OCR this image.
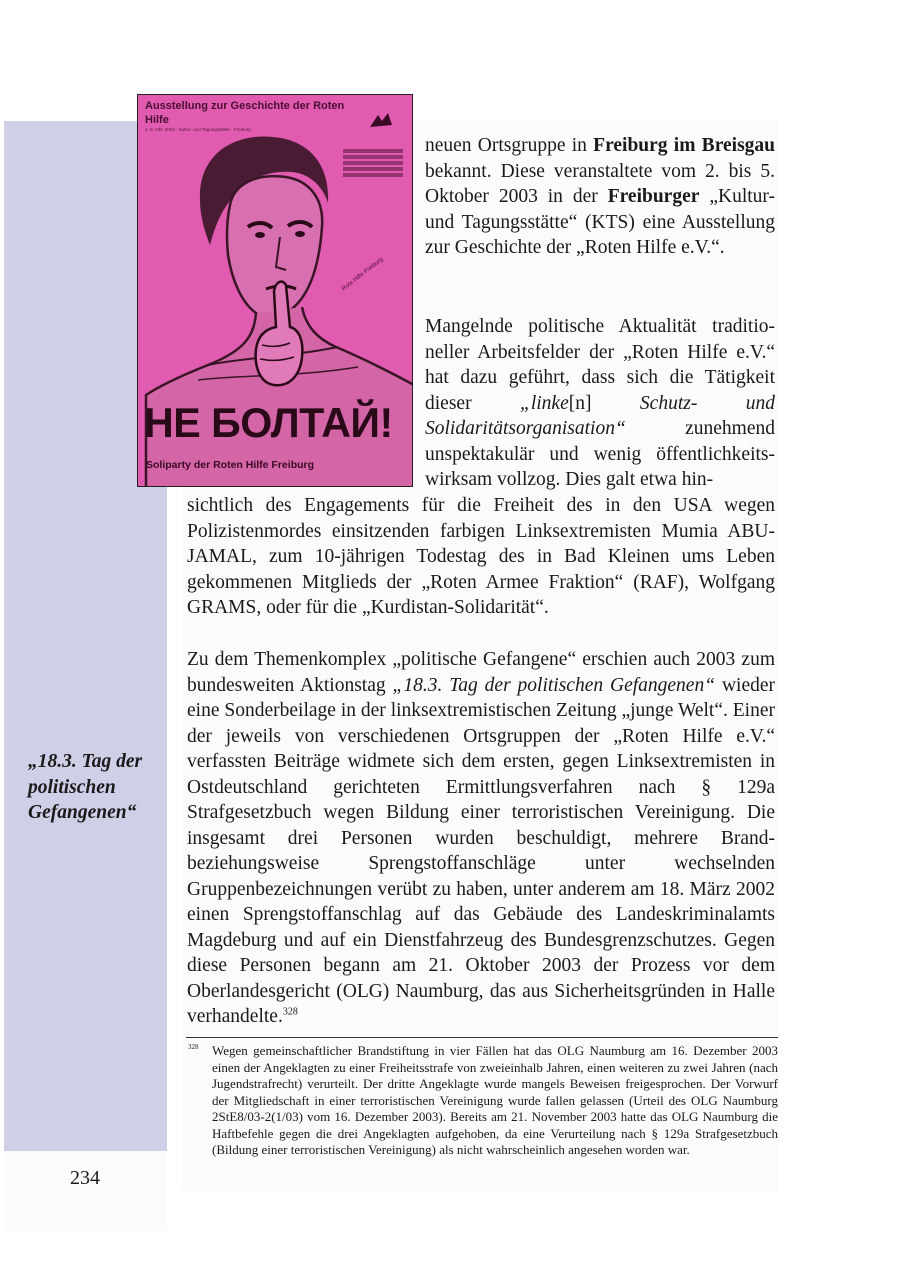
Ausstellung zur Geschichte der Roten Hilfe
2.-5. Okt. 2003 · Kultur- und Tagungsstätte · Freiburg
Rote Hilfe Freiburg
НЕ БОЛТАЙ!
Soliparty der Roten Hilfe Freiburg

neuen Ortsgruppe in Freiburg im Breisgau bekannt. Diese veranstaltete vom 2. bis 5. Oktober 2003 in der Freiburger „Kultur- und Tagungsstätte“ (KTS) eine Ausstellung zur Geschichte der „Roten Hilfe e.V.“.

Mangelnde politische Aktualität traditioneller Arbeitsfelder der „Roten Hilfe e.V.“ hat dazu geführt, dass sich die Tätigkeit dieser „linke[n] Schutz- und Solidaritätsorganisation“ zunehmend unspektakulär und wenig öffentlichkeitswirksam vollzog. Dies galt etwa hin-

sichtlich des Engagements für die Freiheit des in den USA wegen Polizistenmordes einsitzenden farbigen Linksextremisten Mumia ABU-JAMAL, zum 10-jährigen Todestag des in Bad Kleinen ums Leben gekommenen Mitglieds der „Roten Armee Fraktion“ (RAF), Wolfgang GRAMS, oder für die „Kurdistan-Solidarität“.

„18.3. Tag der politischen Gefangenen“

Zu dem Themenkomplex „politische Gefangene“ erschien auch 2003 zum bundesweiten Aktionstag „18.3. Tag der politischen Gefangenen“ wieder eine Sonderbeilage in der linksextremistischen Zeitung „junge Welt“. Einer der jeweils von verschiedenen Ortsgruppen der „Roten Hilfe e.V.“ verfassten Beiträge widmete sich dem ersten, gegen Linksextremisten in Ostdeutschland gerichteten Ermittlungsverfahren nach § 129a Strafgesetzbuch wegen Bildung einer terroristischen Vereinigung. Die insgesamt drei Personen wurden beschuldigt, mehrere Brand- beziehungsweise Sprengstoffanschläge unter wechselnden Gruppenbezeichnungen verübt zu haben, unter anderem am 18. März 2002 einen Sprengstoffanschlag auf das Gebäude des Landeskriminalamts Magdeburg und auf ein Dienstfahrzeug des Bundesgrenzschutzes. Gegen diese Personen begann am 21. Oktober 2003 der Prozess vor dem Oberlandesgericht (OLG) Naumburg, das aus Sicherheitsgründen in Halle verhandelte.$^{328}$

328 Wegen gemeinschaftlicher Brandstiftung in vier Fällen hat das OLG Naumburg am 16. Dezember 2003 einen der Angeklagten zu einer Freiheitsstrafe von zweieinhalb Jahren, einen weiteren zu zwei Jahren (nach Jugendstrafrecht) verurteilt. Der dritte Angeklagte wurde mangels Beweisen freigesprochen. Der Vorwurf der Mitgliedschaft in einer terroristischen Vereinigung wurde fallen gelassen (Urteil des OLG Naumburg 2StE8/03-2(1/03) vom 16. Dezember 2003). Bereits am 21. November 2003 hatte das OLG Naumburg die Haftbefehle gegen die drei Angeklagten aufgehoben, da eine Verurteilung nach § 129a Strafgesetzbuch (Bildung einer terroristischen Vereinigung) als nicht wahrscheinlich angesehen worden war.
234
